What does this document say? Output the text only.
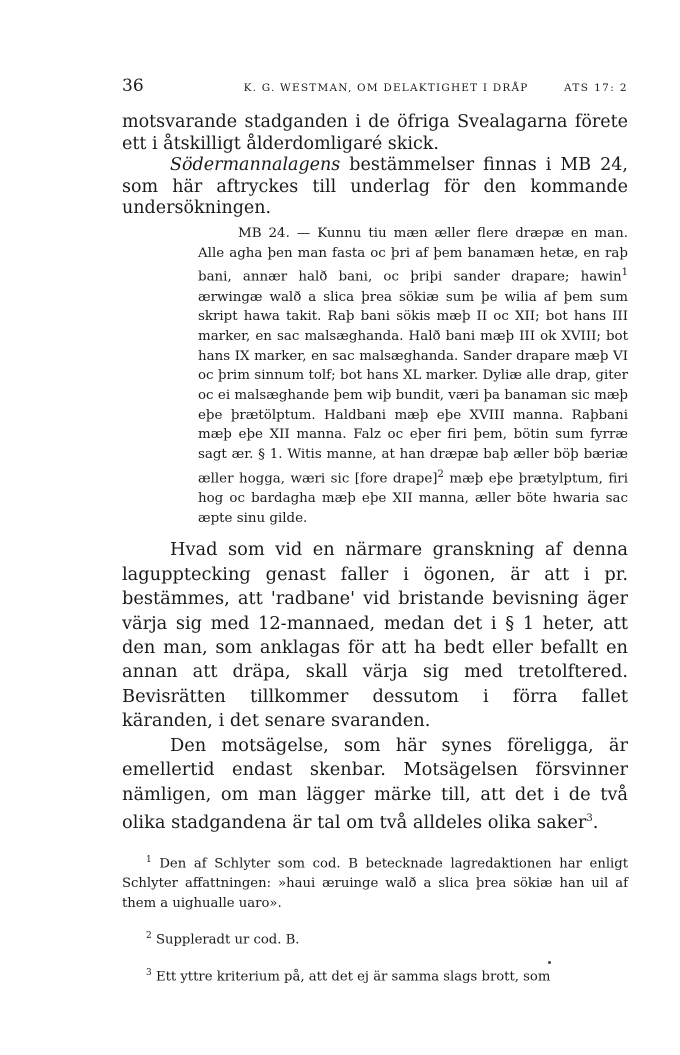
36	K. G. WESTMAN, OM DELAKTIGHET I DRÅP	ATS 17: 2

motsvarande stadganden i de öfriga Svealagarna förete ett i åtskilligt ålderdomligaré skick.

Södermannalagens bestämmelser finnas i MB 24, som här aftryckes till underlag för den kommande undersökningen.

MB 24. — Kunnu tiu mæn æller flere dræpæ en man. Alle agha þen man fasta oc þri af þem banamæn hetæ, en raþ bani, annær halð bani, oc þriþi sander drapare; hawin$^1$ ærwingæ walð a slica þrea sökiæ sum þe wilia af þem sum skript hawa takit. Raþ bani sökis mæþ II oc XII; bot hans III marker, en sac malsæghanda. Halð bani mæþ III ok XVIII; bot hans IX marker, en sac malsæghanda. Sander drapare mæþ VI oc þrim sinnum tolf; bot hans XL marker. Dyliæ alle drap, giter oc ei malsæghande þem wiþ bundit, væri þa banaman sic mæþ eþe þrætölptum. Haldbani mæþ eþe XVIII manna. Raþbani mæþ eþe XII manna. Falz oc eþer firi þem, bötin sum fyrræ sagt ær. § 1. Witis manne, at han dræpæ baþ æller böþ bæriæ æller hogga, wæri sic [fore drape]$^2$ mæþ eþe þrætylptum, firi hog oc bardagha mæþ eþe XII manna, æller böte hwaria sac æpte sinu gilde.

Hvad som vid en närmare granskning af denna lagupptecking genast faller i ögonen, är att i pr. bestämmes, att 'radbane' vid bristande bevisning äger värja sig med 12-mannaed, medan det i § 1 heter, att den man, som anklagas för att ha bedt eller befallt en annan att dräpa, skall värja sig med tretolftered. Bevisrätten tillkommer dessutom i förra fallet käranden, i det senare svaranden.

Den motsägelse, som här synes föreligga, är emellertid endast skenbar. Motsägelsen försvinner nämligen, om man lägger märke till, att det i de två olika stadgandena är tal om två alldeles olika saker$^3$.

$^1$ Den af Schlyter som cod. B betecknade lagredaktionen har enligt Schlyter affattningen: »haui æruinge walð a slica þrea sökiæ han uil af them a uighualle uaro».

$^2$ Suppleradt ur cod. B.

$^3$ Ett yttre kriterium på, att det ej är samma slags brott, som
